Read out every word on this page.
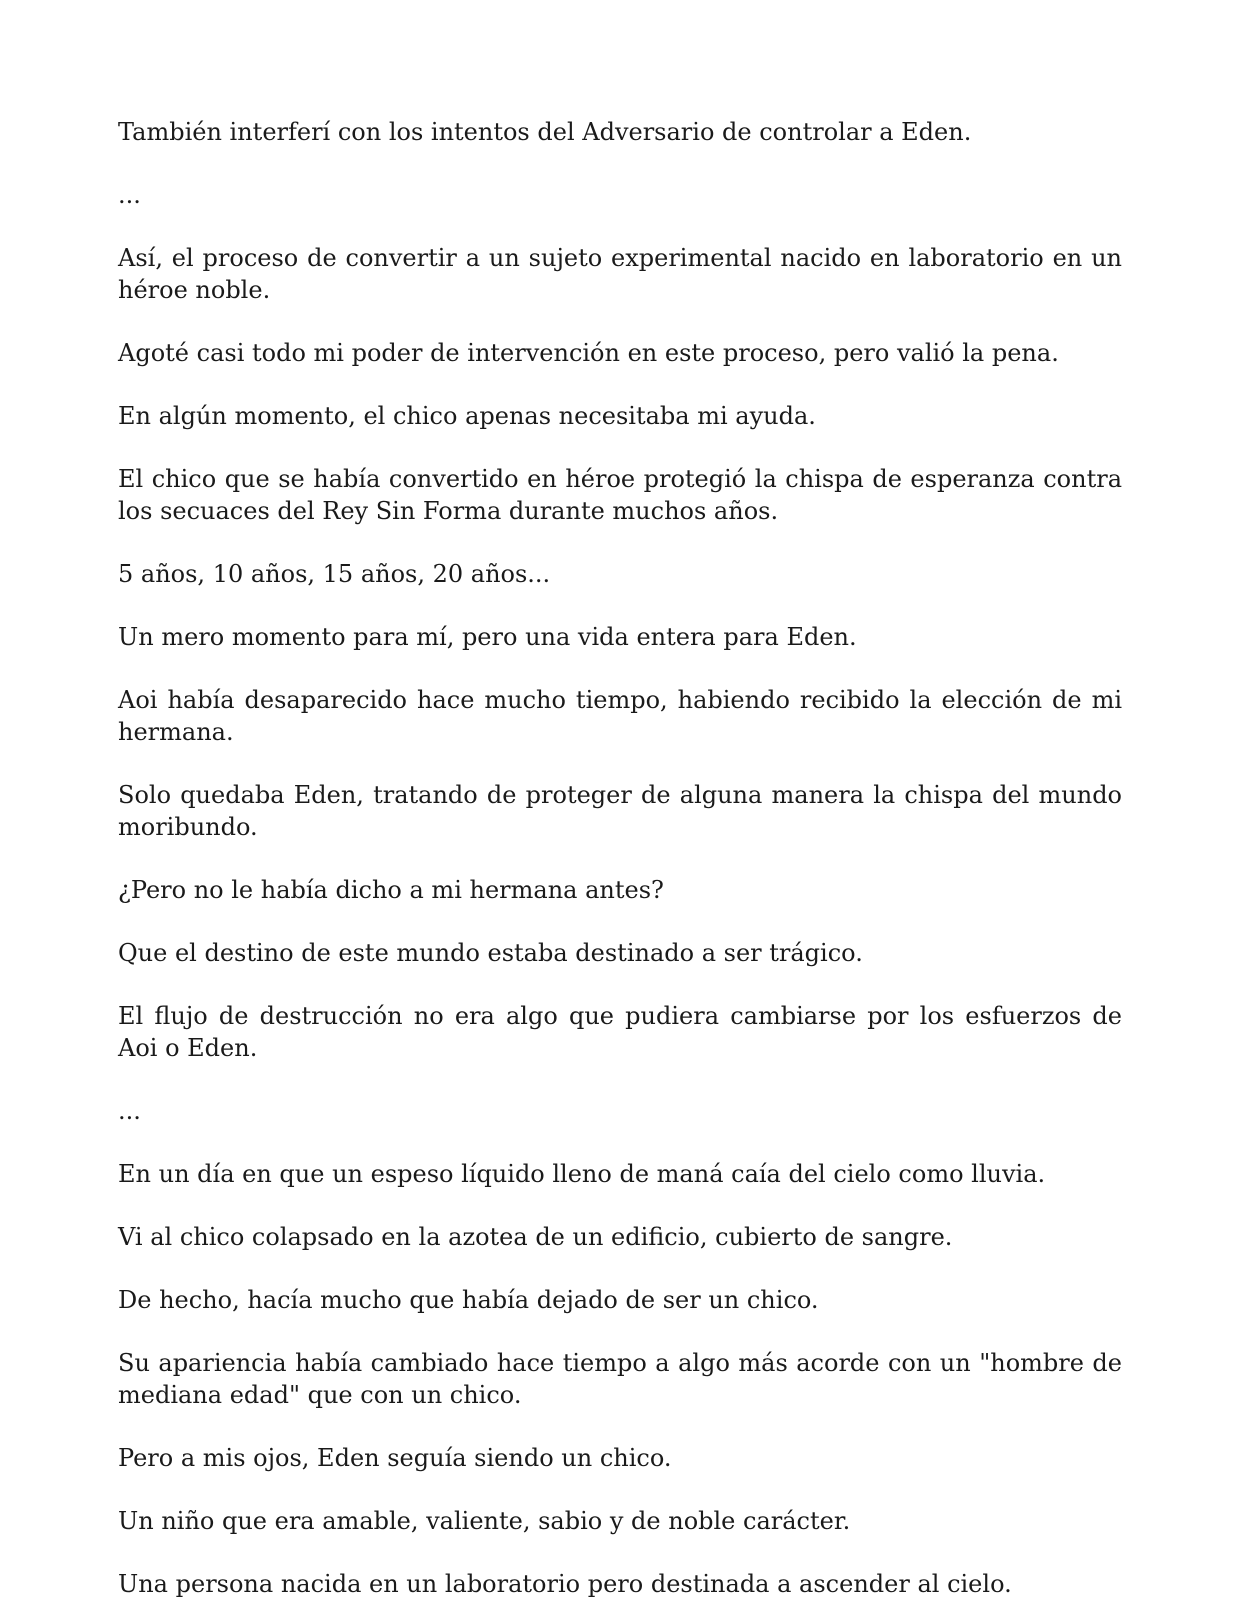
También interferí con los intentos del Adversario de controlar a Eden.

...

Así, el proceso de convertir a un sujeto experimental nacido en laboratorio en un héroe noble.

Agoté casi todo mi poder de intervención en este proceso, pero valió la pena.

En algún momento, el chico apenas necesitaba mi ayuda.

El chico que se había convertido en héroe protegió la chispa de esperanza contra los secuaces del Rey Sin Forma durante muchos años.

5 años, 10 años, 15 años, 20 años...

Un mero momento para mí, pero una vida entera para Eden.

Aoi había desaparecido hace mucho tiempo, habiendo recibido la elección de mi hermana.

Solo quedaba Eden, tratando de proteger de alguna manera la chispa del mundo moribundo.

¿Pero no le había dicho a mi hermana antes?

Que el destino de este mundo estaba destinado a ser trágico.

El flujo de destrucción no era algo que pudiera cambiarse por los esfuerzos de Aoi o Eden.

...

En un día en que un espeso líquido lleno de maná caía del cielo como lluvia.

Vi al chico colapsado en la azotea de un edificio, cubierto de sangre.

De hecho, hacía mucho que había dejado de ser un chico.

Su apariencia había cambiado hace tiempo a algo más acorde con un "hombre de mediana edad" que con un chico.

Pero a mis ojos, Eden seguía siendo un chico.

Un niño que era amable, valiente, sabio y de noble carácter.

Una persona nacida en un laboratorio pero destinada a ascender al cielo.
